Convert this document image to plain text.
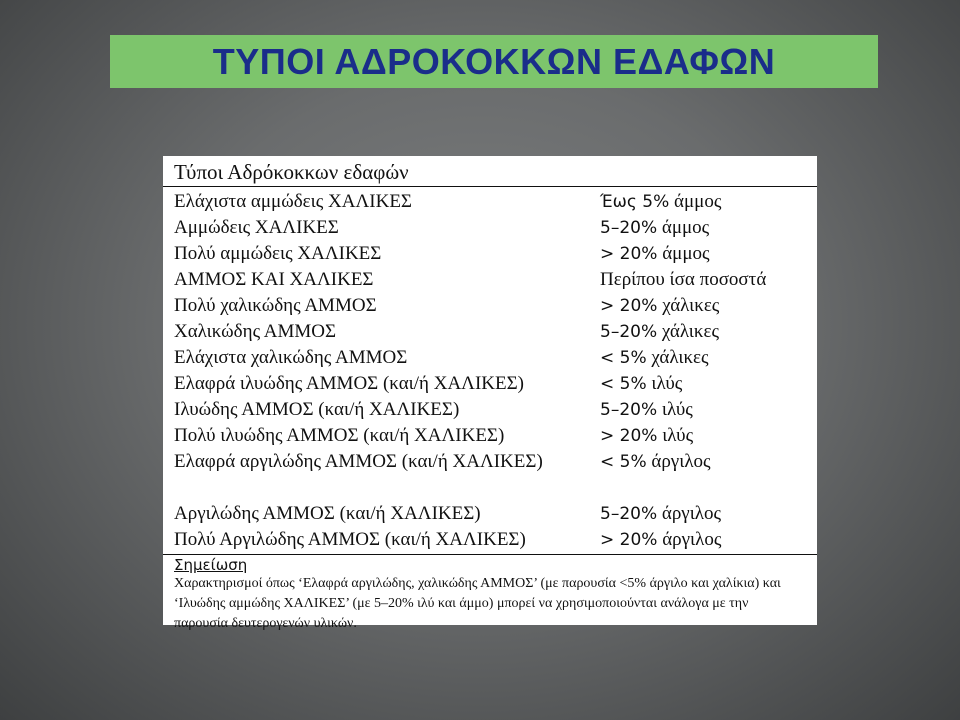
ΤΥΠΟΙ ΑΔΡΟΚΟΚΚΩΝ ΕΔΑΦΩΝ
Τύποι Αδρόκοκκων εδαφών
Ελάχιστα αμμώδεις ΧΑΛΙΚΕΣ	Έως 5% άμμος
Αμμώδεις ΧΑΛΙΚΕΣ	5–20% άμμος
Πολύ αμμώδεις ΧΑΛΙΚΕΣ	> 20% άμμος
ΑΜΜΟΣ ΚΑΙ ΧΑΛΙΚΕΣ	Περίπου ίσα ποσοστά
Πολύ χαλικώδης ΑΜΜΟΣ	> 20% χάλικες
Χαλικώδης ΑΜΜΟΣ	5–20% χάλικες
Ελάχιστα χαλικώδης ΑΜΜΟΣ	< 5% χάλικες
Ελαφρά ιλυώδης ΑΜΜΟΣ (και/ή ΧΑΛΙΚΕΣ)	< 5% ιλύς
Ιλυώδης ΑΜΜΟΣ (και/ή ΧΑΛΙΚΕΣ)	5–20% ιλύς
Πολύ ιλυώδης ΑΜΜΟΣ (και/ή ΧΑΛΙΚΕΣ)	> 20% ιλύς
Ελαφρά αργιλώδης ΑΜΜΟΣ (και/ή ΧΑΛΙΚΕΣ)	< 5% άργιλος
Αργιλώδης ΑΜΜΟΣ (και/ή ΧΑΛΙΚΕΣ)	5–20% άργιλος
Πολύ Αργιλώδης ΑΜΜΟΣ (και/ή ΧΑΛΙΚΕΣ)	> 20% άργιλος
Σημείωση
Χαρακτηρισμοί όπως ‘Ελαφρά αργιλώδης, χαλικώδης ΑΜΜΟΣ’ (με παρουσία <5% άργιλο και χαλίκια) και ‘Ιλυώδης αμμώδης ΧΑΛΙΚΕΣ’ (με 5–20% ιλύ και άμμο) μπορεί να χρησιμοποιούνται ανάλογα με την παρουσία δευτερογενών υλικών.
